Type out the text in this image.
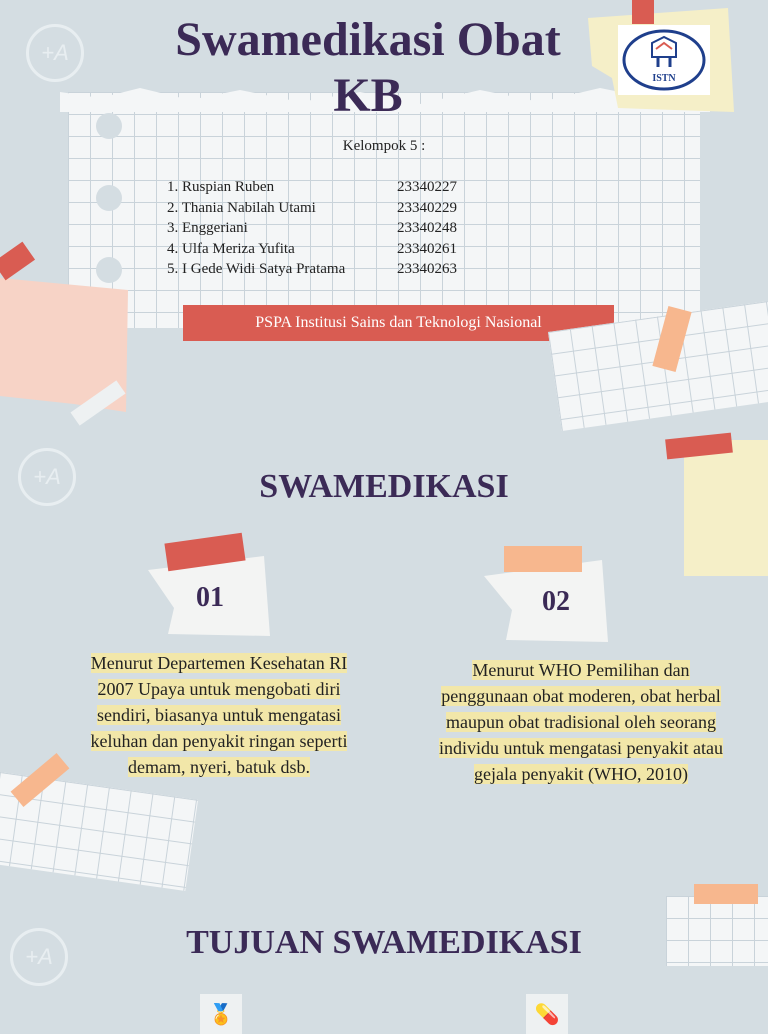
+A
+A
+A
ISTN
Swamedikasi Obat
KB
Kelompok 5 :
1. Ruspian Ruben	23340227
2. Thania Nabilah Utami	23340229
3. Enggeriani	23340248
4. Ulfa Meriza Yufita	23340261
5. I Gede Widi Satya Pratama	23340263
PSPA Institusi Sains dan Teknologi Nasional
SWAMEDIKASI
01	02
Menurut Departemen Kesehatan RI 2007 Upaya untuk mengobati diri sendiri, biasanya untuk mengatasi keluhan dan penyakit ringan seperti demam, nyeri, batuk dsb.
Menurut WHO Pemilihan dan penggunaan obat moderen, obat herbal maupun obat tradisional oleh seorang individu untuk mengatasi penyakit atau gejala penyakit (WHO, 2010)
TUJUAN SWAMEDIKASI
🏅	💊
